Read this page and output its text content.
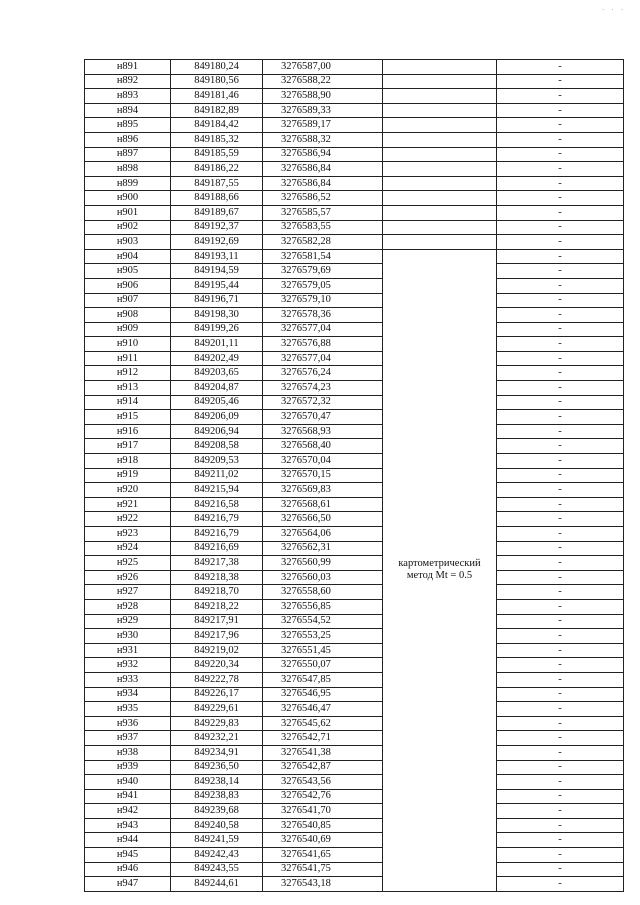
. . .
н891	849180,24	3276587,00		-
н892	849180,56	3276588,22		-
н893	849181,46	3276588,90		-
н894	849182,89	3276589,33		-
н895	849184,42	3276589,17		-
н896	849185,32	3276588,32		-
н897	849185,59	3276586,94		-
н898	849186,22	3276586,84		-
н899	849187,55	3276586,84		-
н900	849188,66	3276586,52		-
н901	849189,67	3276585,57		-
н902	849192,37	3276583,55		-
н903	849192,69	3276582,28		-
н904	849193,11	3276581,54	картометрический
метод Mt = 0.5	-
н905	849194,59	3276579,69		-
н906	849195,44	3276579,05		-
н907	849196,71	3276579,10		-
н908	849198,30	3276578,36		-
н909	849199,26	3276577,04		-
н910	849201,11	3276576,88		-
н911	849202,49	3276577,04		-
н912	849203,65	3276576,24		-
н913	849204,87	3276574,23		-
н914	849205,46	3276572,32		-
н915	849206,09	3276570,47		-
н916	849206,94	3276568,93		-
н917	849208,58	3276568,40		-
н918	849209,53	3276570,04		-
н919	849211,02	3276570,15		-
н920	849215,94	3276569,83		-
н921	849216,58	3276568,61		-
н922	849216,79	3276566,50		-
н923	849216,79	3276564,06		-
н924	849216,69	3276562,31		-
н925	849217,38	3276560,99		-
н926	849218,38	3276560,03		-
н927	849218,70	3276558,60		-
н928	849218,22	3276556,85		-
н929	849217,91	3276554,52		-
н930	849217,96	3276553,25		-
н931	849219,02	3276551,45		-
н932	849220,34	3276550,07		-
н933	849222,78	3276547,85		-
н934	849226,17	3276546,95		-
н935	849229,61	3276546,47		-
н936	849229,83	3276545,62		-
н937	849232,21	3276542,71		-
н938	849234,91	3276541,38		-
н939	849236,50	3276542,87		-
н940	849238,14	3276543,56		-
н941	849238,83	3276542,76		-
н942	849239,68	3276541,70		-
н943	849240,58	3276540,85		-
н944	849241,59	3276540,69		-
н945	849242,43	3276541,65		-
н946	849243,55	3276541,75		-
н947	849244,61	3276543,18		-
